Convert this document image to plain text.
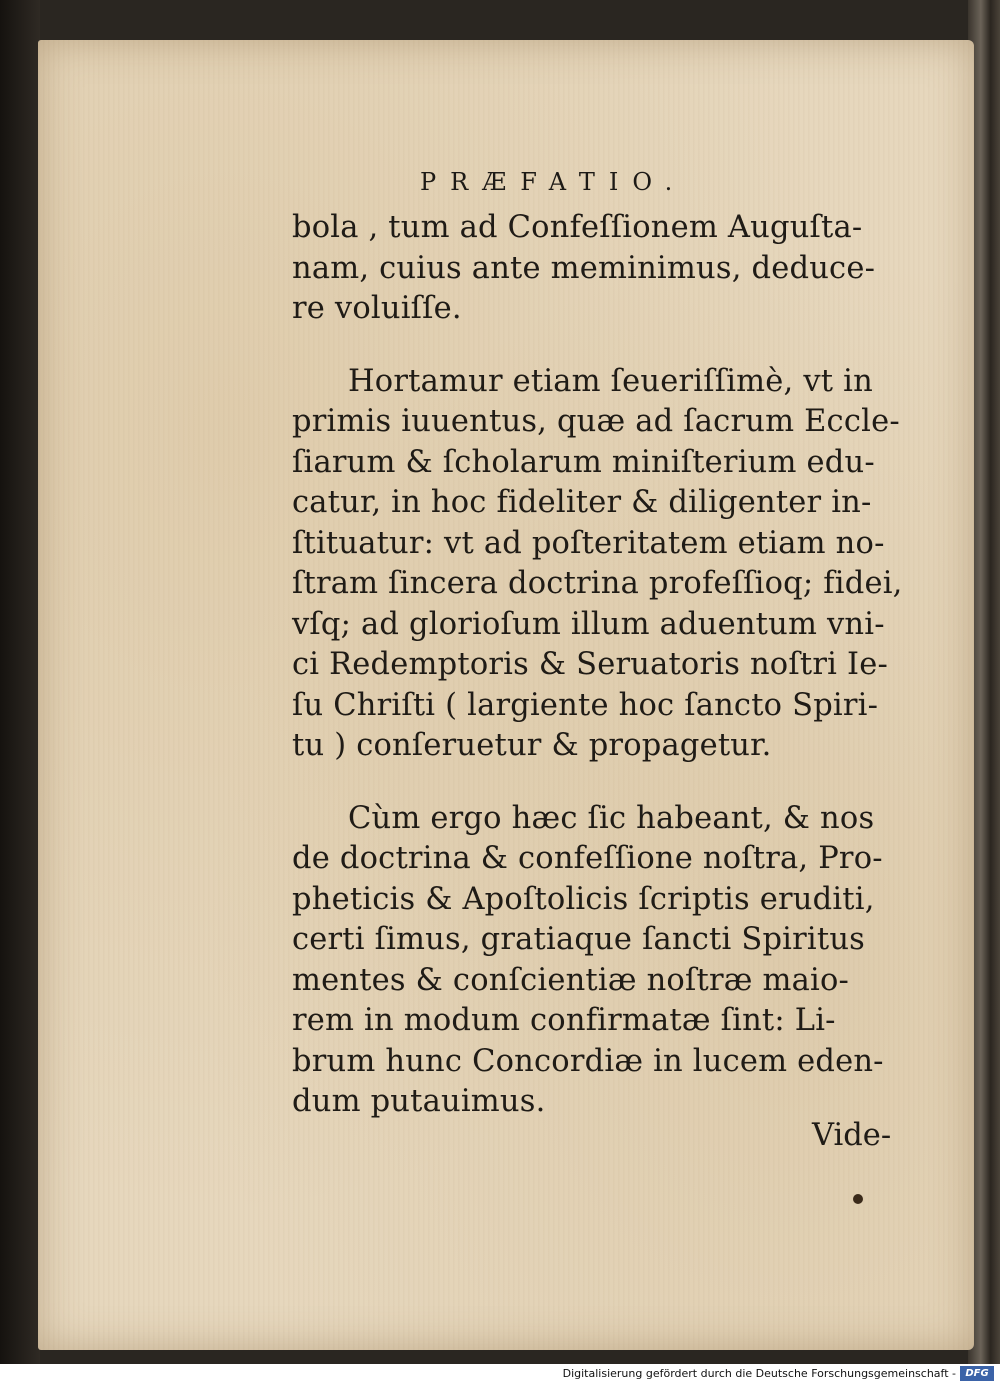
PRÆFATIO.
bola , tum ad Confeſſionem Auguſta-
nam, cuius ante meminimus, deduce-
re voluiſſe.
Hortamur etiam ſeueriſſimè, vt in
primis iuuentus, quæ ad ſacrum Eccle-
ſiarum & ſcholarum miniſterium edu-
catur, in hoc fideliter & diligenter in-
ſtituatur: vt ad poſteritatem etiam no-
ſtram ſincera doctrina profeſſioq; fidei,
vſq; ad glorioſum illum aduentum vni-
ci Redemptoris & Seruatoris noſtri Ie-
ſu Chriſti ( largiente hoc ſancto Spiri-
tu ) conſeruetur & propagetur.
Cùm ergo hæc ſic habeant, & nos
de doctrina & confeſſione noſtra, Pro-
pheticis & Apoſtolicis ſcriptis eruditi,
certi ſimus, gratiaque ſancti Spiritus
mentes & conſcientiæ noſtræ maio-
rem in modum confirmatæ ſint: Li-
brum hunc Concordiæ in lucem eden-
dum putauimus.
Vide-
Digitalisierung gefördert durch die Deutsche Forschungsgemeinschaft - DFG
